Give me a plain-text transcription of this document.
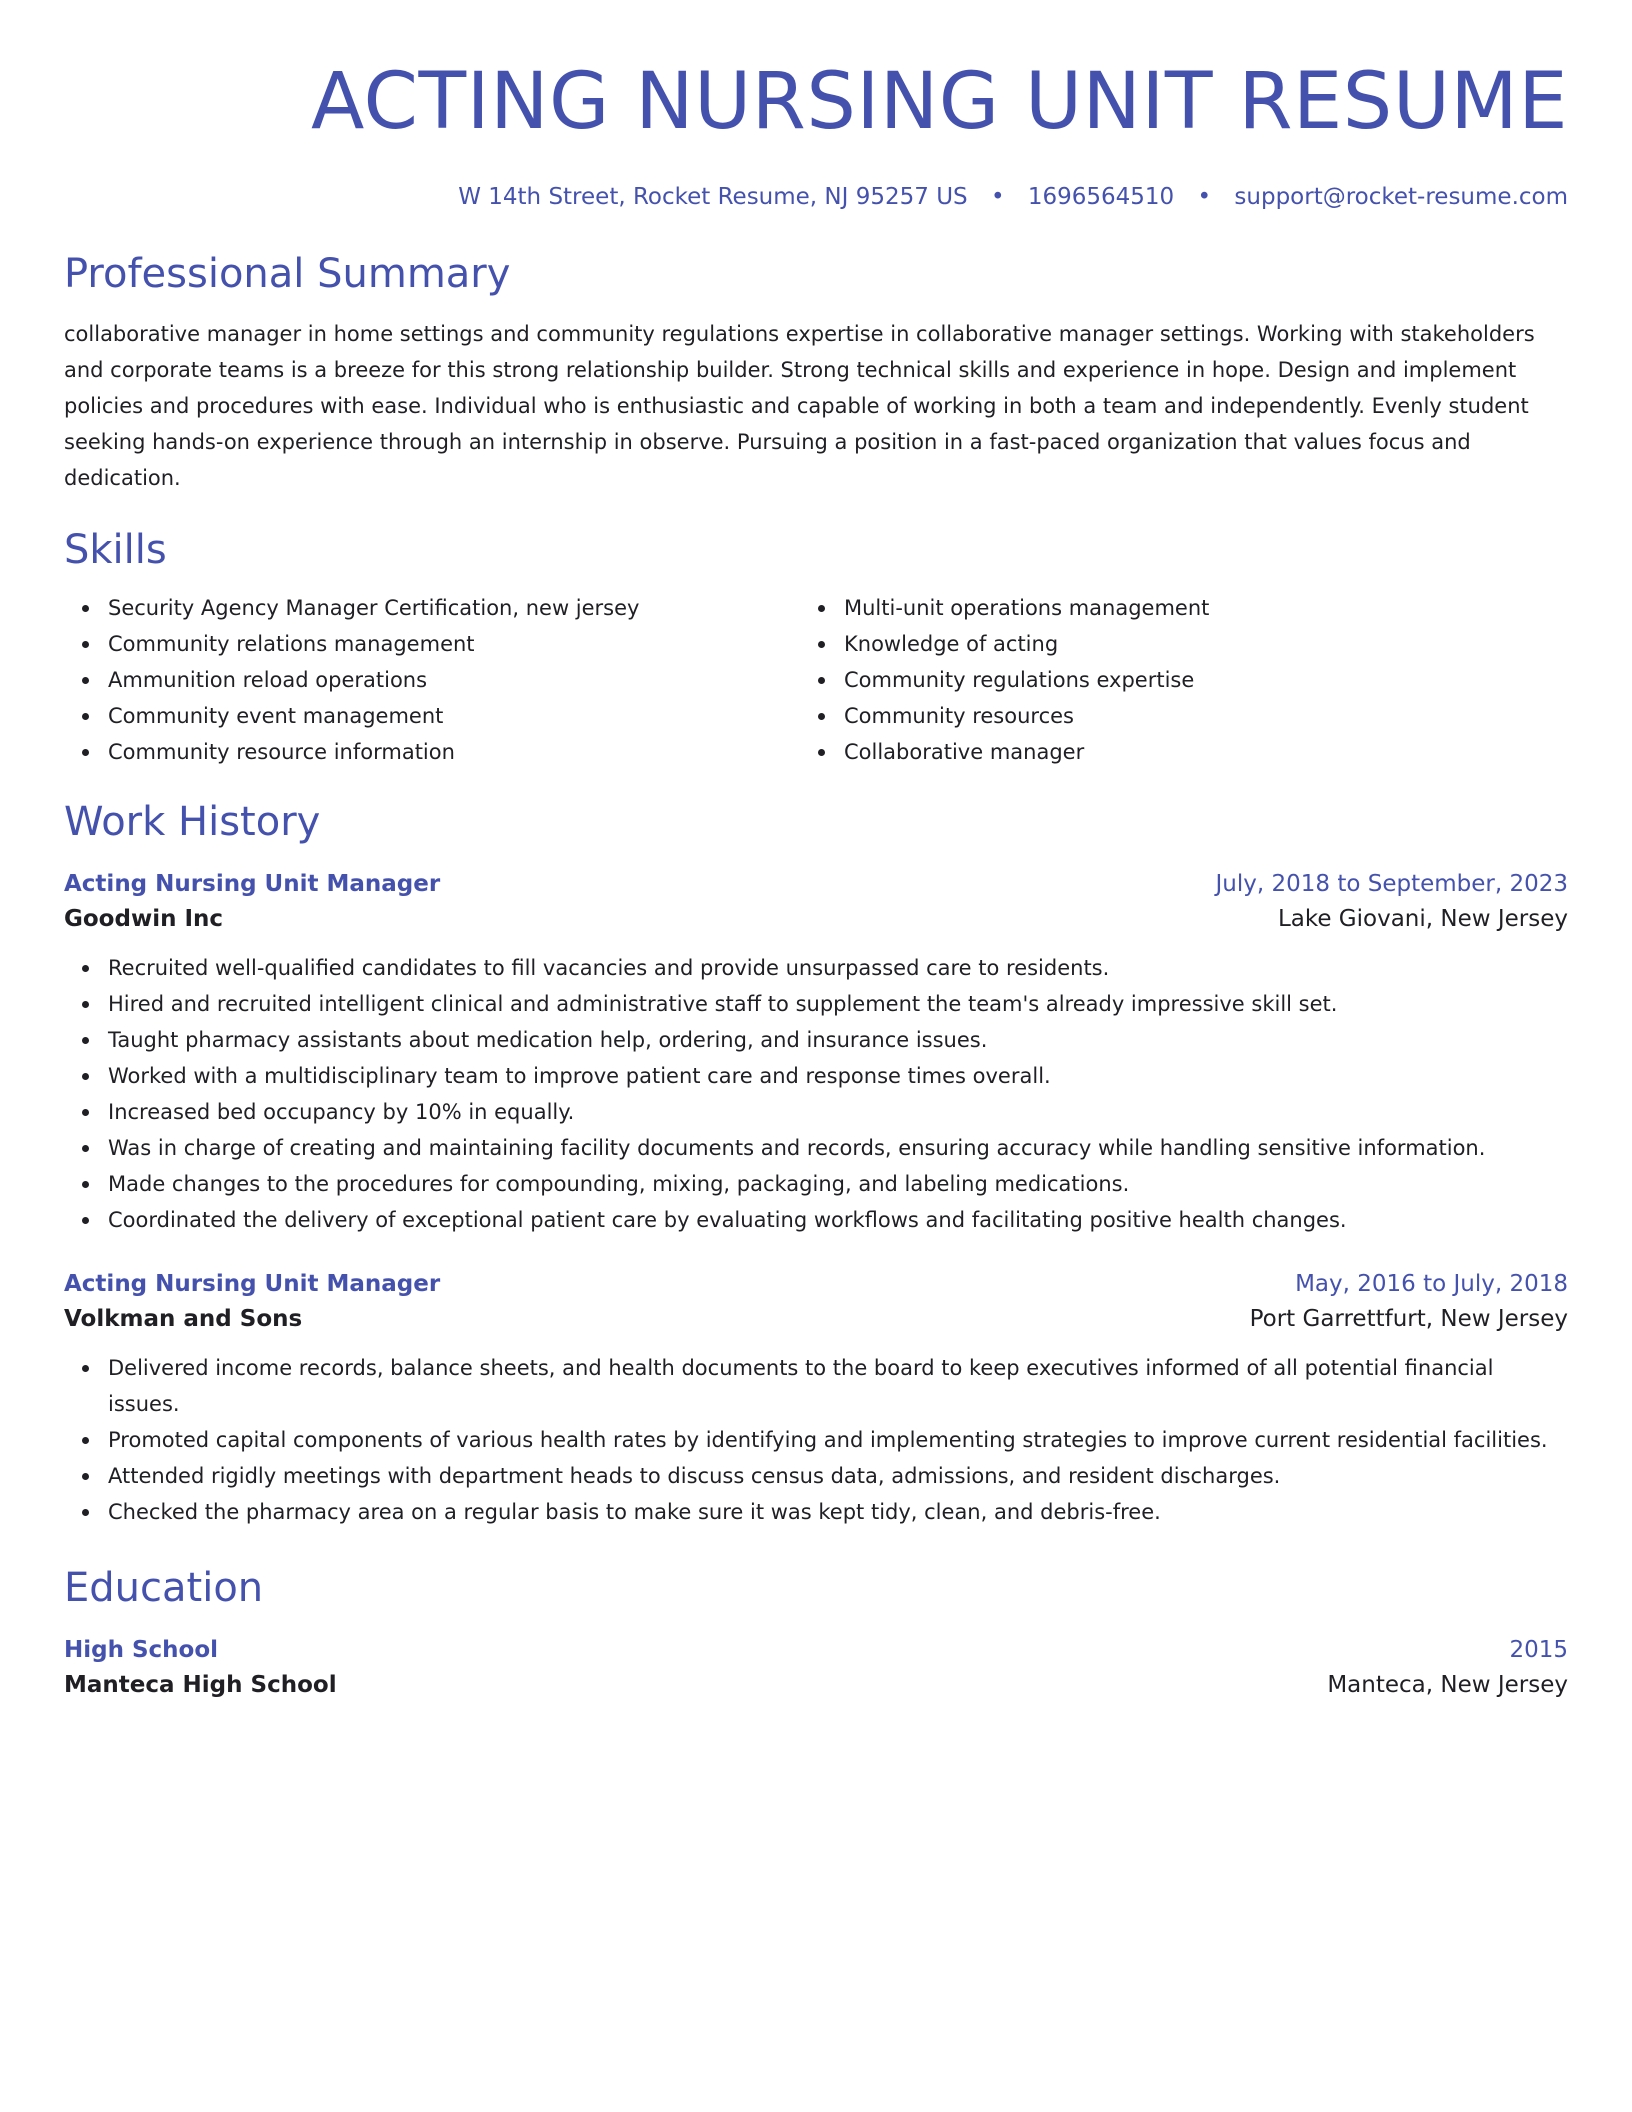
ACTING NURSING UNIT RESUME
W 14th Street, Rocket Resume, NJ 95257 US • 1696564510 • support@rocket-resume.com
Professional Summary

collaborative manager in home settings and community regulations expertise in collaborative manager settings. Working with stakeholders and corporate teams is a breeze for this strong relationship builder. Strong technical skills and experience in hope. Design and implement policies and procedures with ease. Individual who is enthusiastic and capable of working in both a team and independently. Evenly student seeking hands-on experience through an internship in observe. Pursuing a position in a fast-paced organization that values focus and dedication.

Skills
Security Agency Manager Certification, new jersey
Community relations management
Ammunition reload operations
Community event management
Community resource information
Multi-unit operations management
Knowledge of acting
Community regulations expertise
Community resources
Collaborative manager
Work History
Acting Nursing Unit Manager	July, 2018 to September, 2023
Goodwin Inc	Lake Giovani, New Jersey
Recruited well-qualified candidates to fill vacancies and provide unsurpassed care to residents.
Hired and recruited intelligent clinical and administrative staff to supplement the team's already impressive skill set.
Taught pharmacy assistants about medication help, ordering, and insurance issues.
Worked with a multidisciplinary team to improve patient care and response times overall.
Increased bed occupancy by 10% in equally.
Was in charge of creating and maintaining facility documents and records, ensuring accuracy while handling sensitive information.
Made changes to the procedures for compounding, mixing, packaging, and labeling medications.
Coordinated the delivery of exceptional patient care by evaluating workflows and facilitating positive health changes.
Acting Nursing Unit Manager	May, 2016 to July, 2018
Volkman and Sons	Port Garrettfurt, New Jersey
Delivered income records, balance sheets, and health documents to the board to keep executives informed of all potential financial issues.
Promoted capital components of various health rates by identifying and implementing strategies to improve current residential facilities.
Attended rigidly meetings with department heads to discuss census data, admissions, and resident discharges.
Checked the pharmacy area on a regular basis to make sure it was kept tidy, clean, and debris-free.
Education
High School	2015
Manteca High School	Manteca, New Jersey
